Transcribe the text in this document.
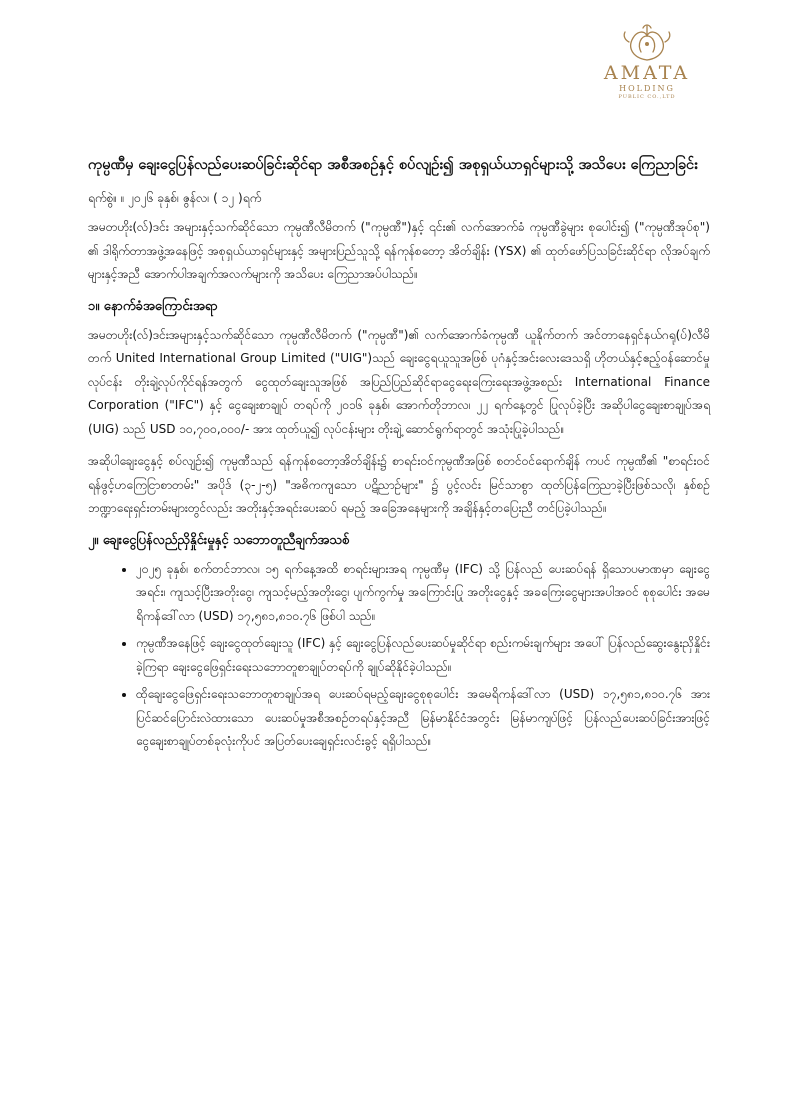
AMATA
HOLDING
PUBLIC CO.,LTD
ကုမ္ပဏီမှ ချေးငွေပြန်လည်ပေးဆပ်ခြင်းဆိုင်ရာ အစီအစဉ်နှင့် စပ်လျဉ်း၍ အစုရှယ်ယာရှင်များသို့ အသိပေး ကြေညာခြင်း
ရက်စွဲ။ ။ ၂၀၂၆ ခုနှစ်၊ ဇွန်လ၊ ( ၁၂ )ရက်

အမတဟိုး(လ်)ဒင်း အများနှင့်သက်ဆိုင်သော ကုမ္ပဏီလီမိတက် ("ကုမ္ပဏီ")နှင့် ၎င်း၏ လက်အောက်ခံ ကုမ္ပဏီခွဲများ စုပေါင်း၍ ("ကုမ္ပဏီအုပ်စု") ၏ ဒါရိုက်တာအဖွဲ့အနေဖြင့် အစုရှယ်ယာရှင်များနှင့် အများပြည်သူသို့ ရန်ကုန်စတော့ အိတ်ချိန်း (YSX) ၏ ထုတ်ဖော်ပြသခြင်းဆိုင်ရာ လိုအပ်ချက်များနှင့်အညီ အောက်ပါအချက်အလက်များကို အသိပေး ကြေညာအပ်ပါသည်။

၁။ နောက်ခံအကြောင်းအရာ

အမတဟိုး(လ်)ဒင်းအများနှင့်သက်ဆိုင်သော ကုမ္ပဏီလီမိတက် ("ကုမ္ပဏီ")၏ လက်အောက်ခံကုမ္ပဏီ ယူနိုက်တက် အင်တာနေရှင်နယ်ဂရု(ပ်)လီမိတက် United International Group Limited ("UIG")သည် ချေးငွေရယူသူအဖြစ် ပုဂံနှင့်အင်းလေးဒေသရှိ ဟိုတယ်နှင့်ဧည့်ဝန်ဆောင်မှုလုပ်ငန်း တိုးချဲ့လုပ်ကိုင်ရန်အတွက် ငွေထုတ်ချေးသူအဖြစ် အပြည်ပြည်ဆိုင်ရာငွေရေးကြေးရေးအဖွဲ့အစည်း International Finance Corporation ("IFC") နှင့် ငွေချေးစာချုပ် တရပ်ကို ၂၀၁၆ ခုနှစ်၊ အောက်တိုဘာလ၊ ၂၂ ရက်နေ့တွင် ပြုလုပ်ခဲ့ပြီး အဆိုပါငွေချေးစာချုပ်အရ (UIG) သည် USD ၁၀,၇၀၀,၀၀၀/- အား ထုတ်ယူ၍ လုပ်ငန်းများ တိုးချဲ့ ဆောင်ရွက်ရာတွင် အသုံးပြုခဲ့ပါသည်။

အဆိုပါချေးငွေနှင့် စပ်လျဉ်း၍ ကုမ္ပဏီသည် ရန်ကုန်စတော့အိတ်ချိန်း၌ စာရင်းဝင်ကုမ္ပဏီအဖြစ် စတင်ဝင်ရောက်ချိန် ကပင် ကုမ္ပဏီ၏ "စာရင်းဝင်ရန်ဖွင့်ဟကြေငြာစာတမ်း" အပိုဒ် (၃-၂-၅) "အဓိကကျသော ပဋိညာဉ်များ" ၌ ပွင့်လင်း မြင်သာစွာ ထုတ်ပြန်ကြေညာခဲ့ပြီးဖြစ်သလို၊ နှစ်စဉ်ဘဏ္ဍာရေးရှင်းတမ်းများတွင်လည်း အတိုးနှင့်အရင်းပေးဆပ် ရမည့် အခြေအနေများကို အချိန်နှင့်တပြေးညီ တင်ပြခဲ့ပါသည်။

၂။ ချေးငွေပြန်လည်ညှိနှိုင်းမှုနှင့် သဘောတူညီချက်အသစ်
• ၂၀၂၅ ခုနှစ်၊ စက်တင်ဘာလ၊ ၁၅ ရက်နေ့အထိ စာရင်းများအရ ကုမ္ပဏီမှ (IFC) သို့ ပြန်လည် ပေးဆပ်ရန် ရှိသောပမာဏမှာ ချေးငွေအရင်း၊ ကျသင့်ပြီးအတိုးငွေ၊ ကျသင့်မည့်အတိုးငွေ၊ ပျက်ကွက်မှု အကြောင်းပြု အတိုးငွေနှင့် အခကြေးငွေများအပါအဝင် စုစုပေါင်း အမေရိကန်ဒေါ်လာ (USD) ၁၇,၅၈၁,၈၁၀.၇၆ ဖြစ်ပါ သည်။
• ကုမ္ပဏီအနေဖြင့် ချေးငွေထုတ်ချေးသူ (IFC) နှင့် ချေးငွေပြန်လည်ပေးဆပ်မှုဆိုင်ရာ စည်းကမ်းချက်များ အပေါ် ပြန်လည်ဆွေးနွေးညှိနှိုင်းခဲ့ကြရာ ချေးငွေဖြေရှင်းရေးသဘောတူစာချုပ်တရပ်ကို ချုပ်ဆိုနိုင်ခဲ့ပါသည်။
• ထိုချေးငွေဖြေရှင်းရေးသဘောတူစာချုပ်အရ ပေးဆပ်ရမည့်ချေးငွေစုစုပေါင်း အမေရိကန်ဒေါ်လာ (USD) ၁၇,၅၈၁,၈၁၀.၇၆ အား ပြင်ဆင်ပြောင်းလဲထားသော ပေးဆပ်မှုအစီအစဉ်တရပ်နှင့်အညီ မြန်မာနိုင်ငံအတွင်း မြန်မာကျပ်ဖြင့် ပြန်လည်ပေးဆပ်ခြင်းအားဖြင့် ငွေချေးစာချုပ်တစ်ခုလုံးကိုပင် အပြတ်ပေးချေရှင်းလင်းခွင့် ရရှိပါသည်။
